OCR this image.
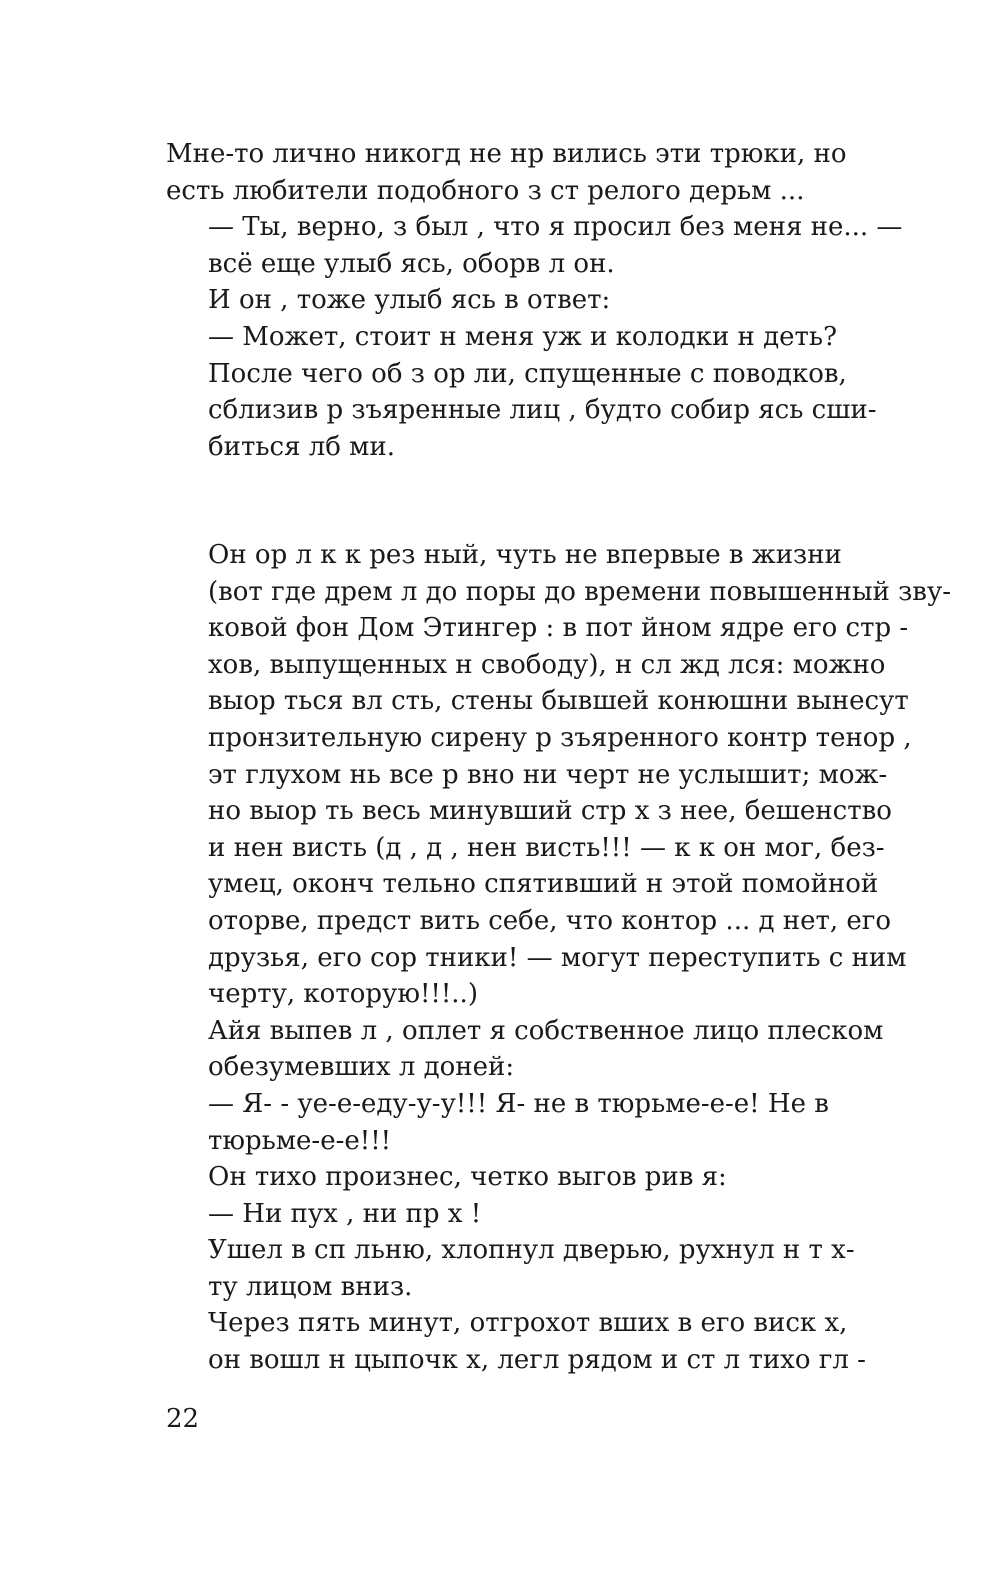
Мне-то лично никогд не нр вились эти трюки, но
есть любители подобного з ст релого дерьм ...

— Ты, верно, з был , что я просил без меня не... —
всё еще улыб ясь, оборв л он.

И он , тоже улыб ясь в ответ:

— Может, стоит н меня уж и колодки н деть?

После чего об з ор ли, спущенные с поводков,
сблизив р зъяренные лиц , будто собир ясь сши-
биться лб ми.

Он ор л к к рез ный, чуть не впервые в жизни
(вот где дрем л до поры до времени повышенный зву-
ковой фон Дом Этингер : в пот йном ядре его стр -
хов, выпущенных н свободу), н сл жд лся: можно
выор ться вл сть, стены бывшей конюшни вынесут
пронзительную сирену р зъяренного контр тенор ,
эт глухом нь все р вно ни черт не услышит; мож-
но выор ть весь минувший стр х з нее, бешенство
и нен висть (д , д , нен висть!!! — к к он мог, без-
умец, оконч тельно спятивший н этой помойной
оторве, предст вить себе, что контор ... д нет, его
друзья, его сор тники! — могут переступить с ним
черту, которую!!!..)

Айя выпев л , оплет я собственное лицо плеском
обезумевших л доней:

— Я- - уе-е-еду-у-у!!! Я- не в тюрьме-е-е! Не в
тюрьме-е-е!!!

Он тихо произнес, четко выгов рив я:

— Ни пух , ни пр х !

Ушел в сп льню, хлопнул дверью, рухнул н т х-
ту лицом вниз.

Через пять минут, отгрохот вших в его виск х,
он вошл н цыпочк х, легл рядом и ст л тихо гл -

22
